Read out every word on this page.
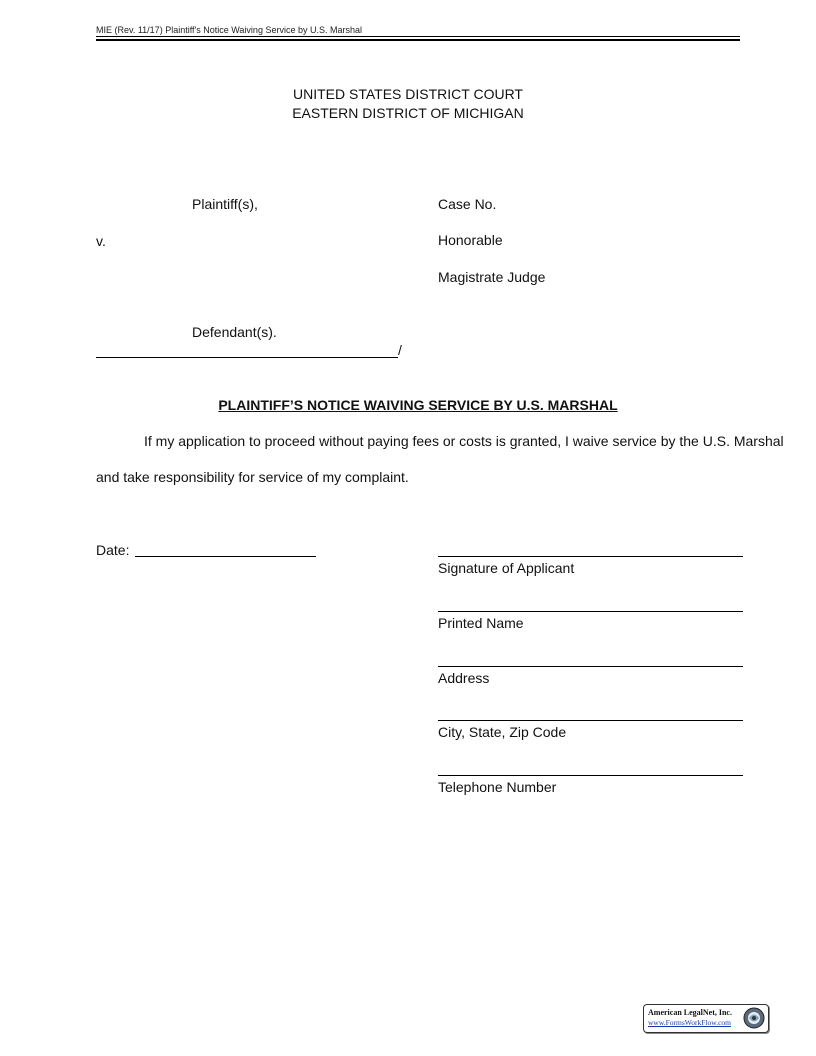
MIE (Rev. 11/17) Plaintiff's Notice Waiving Service by U.S. Marshal
UNITED STATES DISTRICT COURT
EASTERN DISTRICT OF MICHIGAN
Plaintiff(s),
v.
Defendant(s).
/
Case No.
Honorable
Magistrate Judge
PLAINTIFF’S NOTICE WAIVING SERVICE BY U.S. MARSHAL
If my application to proceed without paying fees or costs is granted, I waive service by the U.S. Marshal
and take responsibility for service of my complaint.
Date:
Signature of Applicant
Printed Name
Address
City, State, Zip Code
Telephone Number
American LegalNet, Inc.
www.FormsWorkFlow.com
